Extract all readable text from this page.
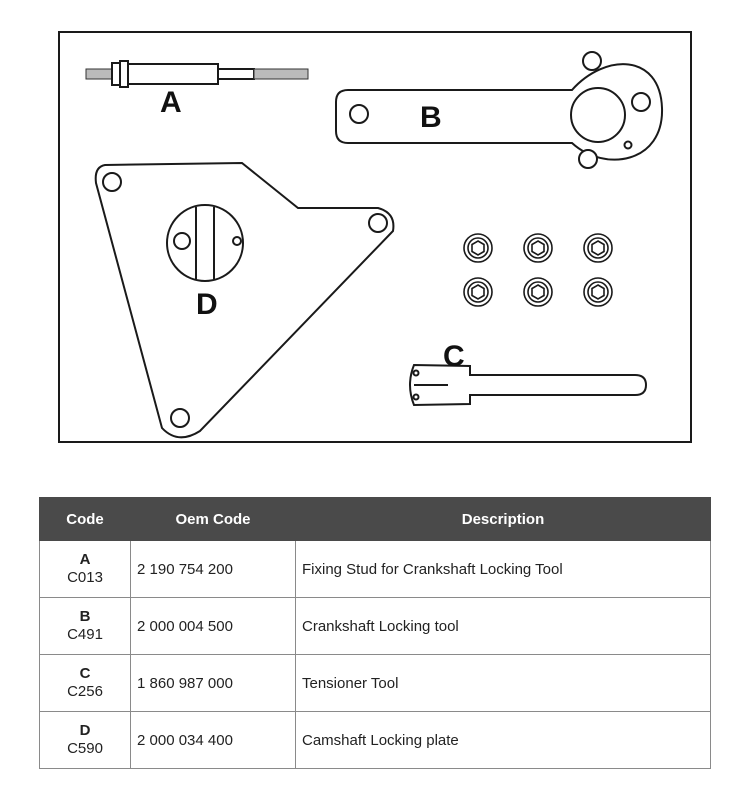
A	B
C
D
Code	Oem Code	Description

A
C013	2 190 754 200	Fixing Stud for Crankshaft Locking Tool

B
C491	2 000 004 500	Crankshaft Locking tool

C
C256	1 860 987 000	Tensioner Tool

D
C590	2 000 034 400	Camshaft Locking plate
